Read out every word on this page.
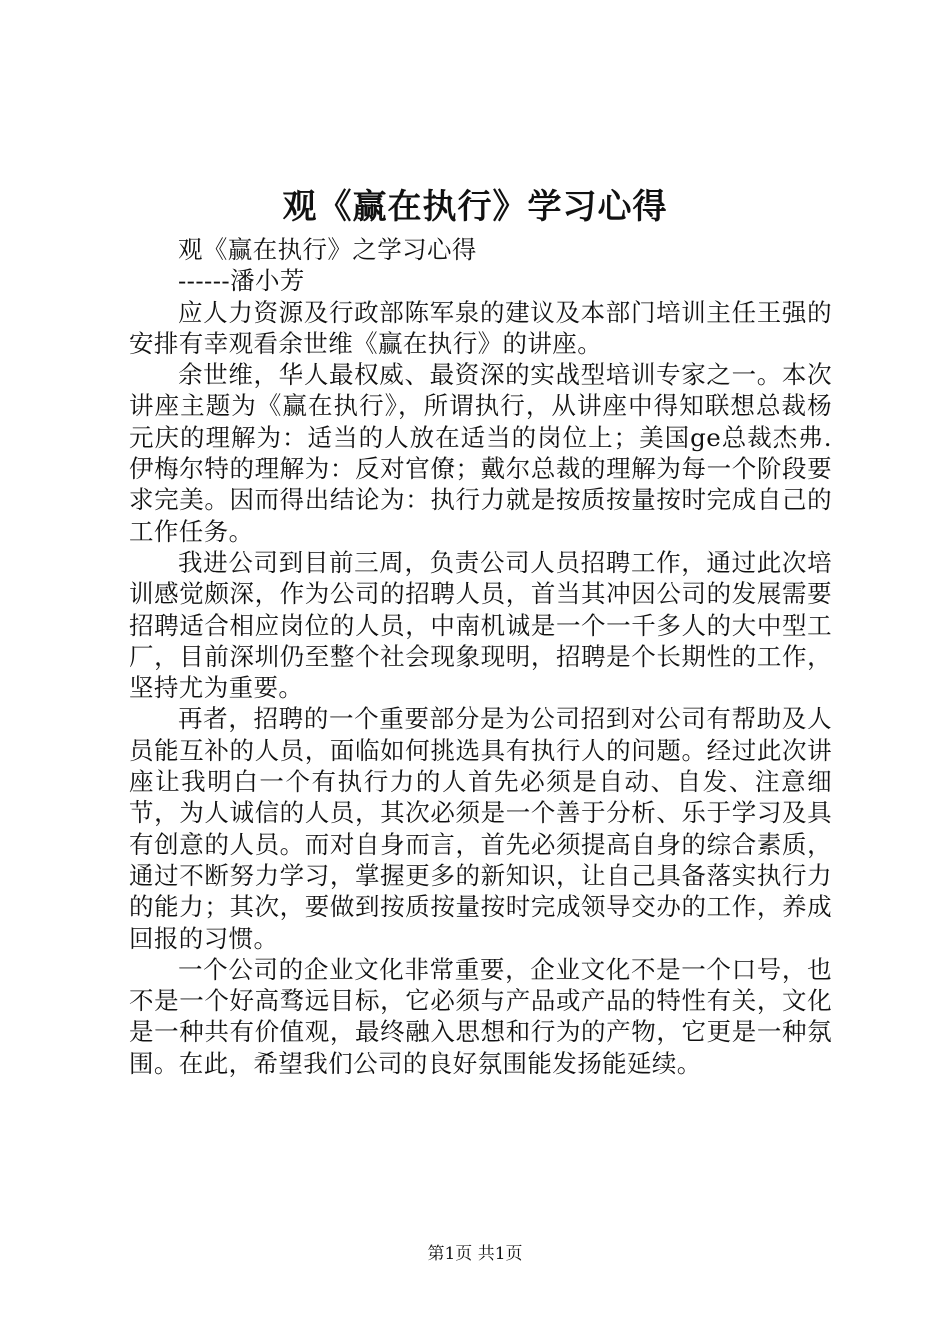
观《赢在执行》学习心得

观《赢在执行》之学习心得

------潘小芳

应人力资源及行政部陈军泉的建议及本部门培训主任王强的安排有幸观看余世维《赢在执行》的讲座。

余世维，华人最权威、最资深的实战型培训专家之一。本次讲座主题为《赢在执行》，所谓执行，从讲座中得知联想总裁杨元庆的理解为：适当的人放在适当的岗位上；美国ge总裁杰弗.伊梅尔特的理解为：反对官僚；戴尔总裁的理解为每一个阶段要求完美。因而得出结论为：执行力就是按质按量按时完成自己的工作任务。

我进公司到目前三周，负责公司人员招聘工作，通过此次培训感觉颇深，作为公司的招聘人员，首当其冲因公司的发展需要招聘适合相应岗位的人员，中南机诚是一个一千多人的大中型工厂，目前深圳仍至整个社会现象现明，招聘是个长期性的工作，坚持尤为重要。

再者，招聘的一个重要部分是为公司招到对公司有帮助及人员能互补的人员，面临如何挑选具有执行人的问题。经过此次讲座让我明白一个有执行力的人首先必须是自动、自发、注意细节，为人诚信的人员，其次必须是一个善于分析、乐于学习及具有创意的人员。而对自身而言，首先必须提高自身的综合素质，通过不断努力学习，掌握更多的新知识，让自己具备落实执行力的能力；其次，要做到按质按量按时完成领导交办的工作，养成回报的习惯。

一个公司的企业文化非常重要，企业文化不是一个口号，也不是一个好高骛远目标，它必须与产品或产品的特性有关，文化是一种共有价值观，最终融入思想和行为的产物，它更是一种氛围。在此，希望我们公司的良好氛围能发扬能延续。

第1页 共1页
